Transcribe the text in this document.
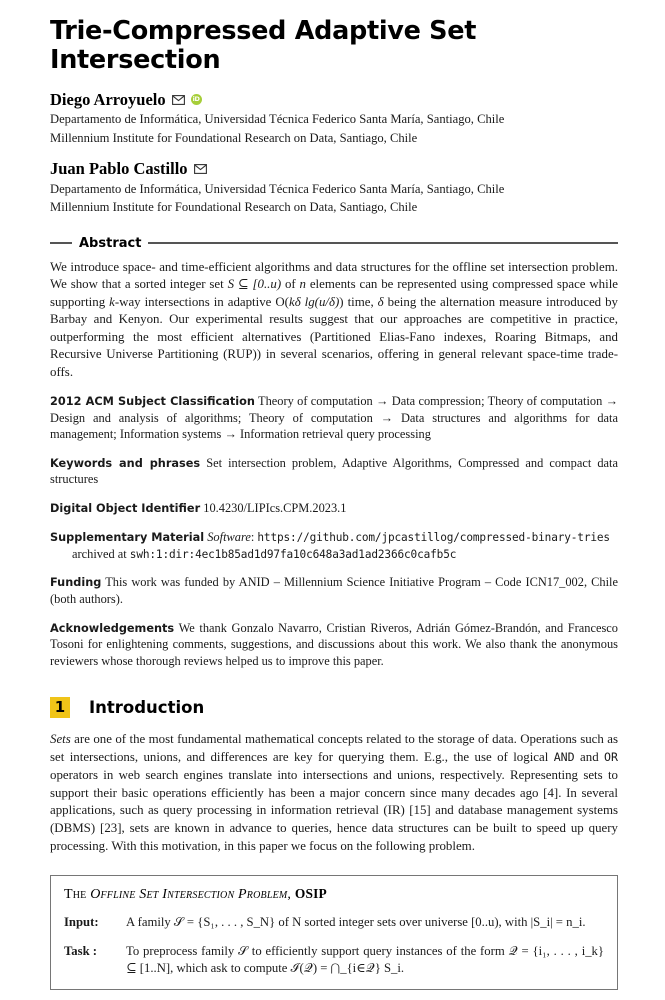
Trie-Compressed Adaptive Set Intersection
Diego Arroyuelo
iD
Departamento de Informática, Universidad Técnica Federico Santa María, Santiago, Chile
Millennium Institute for Foundational Research on Data, Santiago, Chile
Juan Pablo Castillo
Departamento de Informática, Universidad Técnica Federico Santa María, Santiago, Chile
Millennium Institute for Foundational Research on Data, Santiago, Chile
Abstract
We introduce space- and time-efficient algorithms and data structures for the offline set intersection problem. We show that a sorted integer set S ⊆ [0..u) of n elements can be represented using compressed space while supporting k-way intersections in adaptive O(kδ lg(u/δ)) time, δ being the alternation measure introduced by Barbay and Kenyon. Our experimental results suggest that our approaches are competitive in practice, outperforming the most efficient alternatives (Partitioned Elias-Fano indexes, Roaring Bitmaps, and Recursive Universe Partitioning (RUP)) in several scenarios, offering in general relevant space-time trade-offs.
2012 ACM Subject Classification Theory of computation → Data compression; Theory of computation → Design and analysis of algorithms; Theory of computation → Data structures and algorithms for data management; Information systems → Information retrieval query processing
Keywords and phrases Set intersection problem, Adaptive Algorithms, Compressed and compact data structures
Digital Object Identifier 10.4230/LIPIcs.CPM.2023.1
Supplementary Material Software: https://github.com/jpcastillog/compressed-binary-tries
archived at swh:1:dir:4ec1b85ad1d97fa10c648a3ad1ad2366c0cafb5c
Funding This work was funded by ANID – Millennium Science Initiative Program – Code ICN17_002, Chile (both authors).
Acknowledgements We thank Gonzalo Navarro, Cristian Riveros, Adrián Gómez-Brandón, and Francesco Tosoni for enlightening comments, suggestions, and discussions about this work. We also thank the anonymous reviewers whose thorough reviews helped us to improve this paper.
1 Introduction
Sets are one of the most fundamental mathematical concepts related to the storage of data. Operations such as set intersections, unions, and differences are key for querying them. E.g., the use of logical AND and OR operators in web search engines translate into intersections and unions, respectively. Representing sets to support their basic operations efficiently has been a major concern since many decades ago [4]. In several applications, such as query processing in information retrieval (IR) [15] and database management systems (DBMS) [23], sets are known in advance to queries, hence data structures can be built to speed up query processing. With this motivation, in this paper we focus on the following problem.
The Offline Set Intersection Problem, OSIP
Input:	A family 𝒮 = {S₁, . . . , S_N} of N sorted integer sets over universe [0..u), with |S_i| = n_i.
Task :	To preprocess family 𝒮 to efficiently support query instances of the form 𝒬 = {i₁, . . . , i_k} ⊆ [1..N], which ask to compute ℐ(𝒬) = ⋂_{i∈𝒬} S_i.
